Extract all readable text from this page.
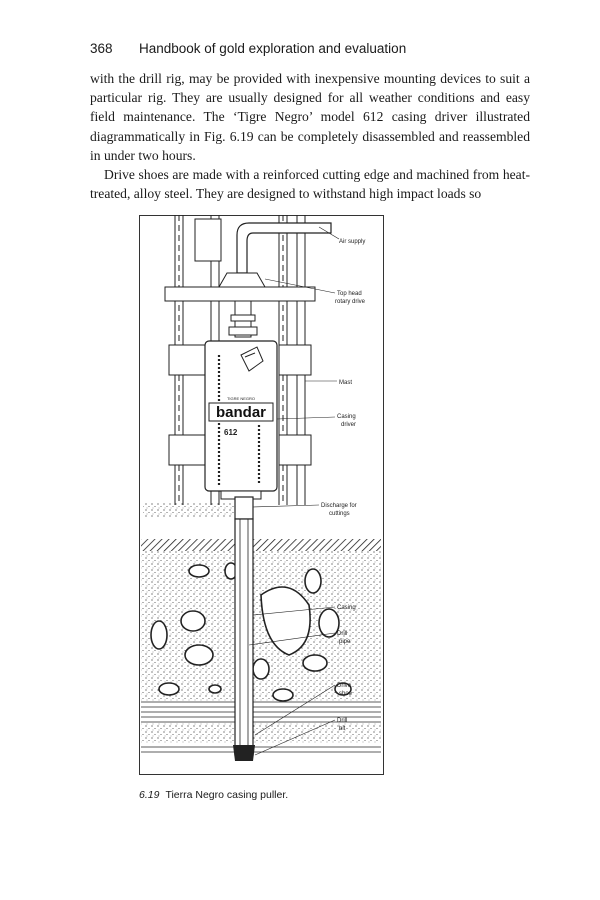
368 Handbook of gold exploration and evaluation

with the drill rig, may be provided with inexpensive mounting devices to suit a particular rig. They are usually designed for all weather conditions and easy field maintenance. The ‘Tigre Negro’ model 612 casing driver illustrated diagrammatically in Fig. 6.19 can be completely disassembled and reassembled in under two hours.

Drive shoes are made with a reinforced cutting edge and machined from heat-treated, alloy steel. They are designed to withstand high impact loads so

TIGRE NEGRO
bandar
612
Air supply
Top head
rotary drive
Mast
Casing
driver
Discharge for
cuttings
Casing
Drill
pipe
Drive
shoe
Drill
bit
6.19 Tierra Negro casing puller.
